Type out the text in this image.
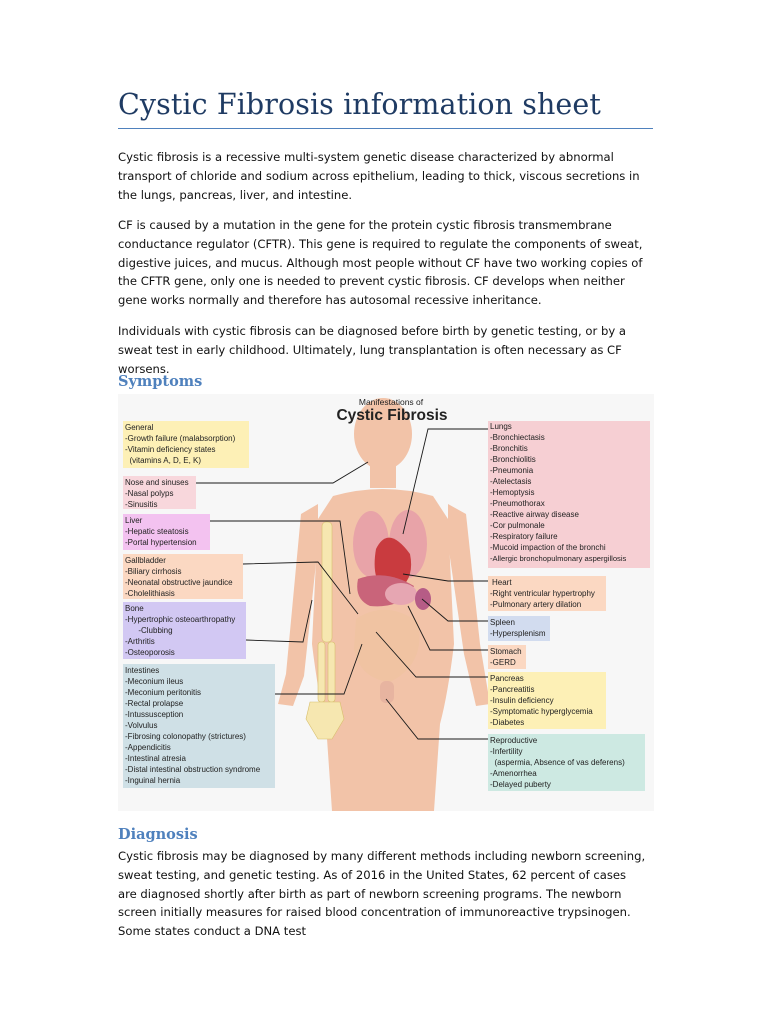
Cystic Fibrosis information sheet

Cystic fibrosis is a recessive multi-system genetic disease characterized by abnormal transport of chloride and sodium across epithelium, leading to thick, viscous secretions in the lungs, pancreas, liver, and intestine.

CF is caused by a mutation in the gene for the protein cystic fibrosis transmembrane conductance regulator (CFTR). This gene is required to regulate the components of sweat, digestive juices, and mucus. Although most people without CF have two working copies of the CFTR gene, only one is needed to prevent cystic fibrosis. CF develops when neither gene works normally and therefore has autosomal recessive inheritance.

Individuals with cystic fibrosis can be diagnosed before birth by genetic testing, or by a sweat test in early childhood. Ultimately, lung transplantation is often necessary as CF worsens.

Symptoms
Manifestations of
Cystic Fibrosis
General
-Growth failure (malabsorption)
-Vitamin deficiency states
(vitamins A, D, E, K)
Nose and sinuses
-Nasal polyps
-Sinusitis
Liver
-Hepatic steatosis
-Portal hypertension
Gallbladder
-Biliary cirrhosis
-Neonatal obstructive jaundice
-Cholelithiasis
Bone
-Hypertrophic osteoarthropathy
-Clubbing
-Arthritis
-Osteoporosis
Intestines
-Meconium ileus
-Meconium peritonitis
-Rectal prolapse
-Intussusception
-Volvulus
-Fibrosing colonopathy (strictures)
-Appendicitis
-Intestinal atresia
-Distal intestinal obstruction syndrome
-Inguinal hernia
Lungs
-Bronchiectasis
-Bronchitis
-Bronchiolitis
-Pneumonia
-Atelectasis
-Hemoptysis
-Pneumothorax
-Reactive airway disease
-Cor pulmonale
-Respiratory failure
-Mucoid impaction of the bronchi
-Allergic bronchopulmonary aspergillosis
Heart
-Right ventricular hypertrophy
-Pulmonary artery dilation
Spleen
-Hypersplenism
Stomach
-GERD
Pancreas
-Pancreatitis
-Insulin deficiency
-Symptomatic hyperglycemia
-Diabetes
Reproductive
-Infertility
(aspermia, Absence of vas deferens)
-Amenorrhea
-Delayed puberty
Diagnosis

Cystic fibrosis may be diagnosed by many different methods including newborn screening, sweat testing, and genetic testing. As of 2016 in the United States, 62 percent of cases are diagnosed shortly after birth as part of newborn screening programs. The newborn screen initially measures for raised blood concentration of immunoreactive trypsinogen. Some states conduct a DNA test
